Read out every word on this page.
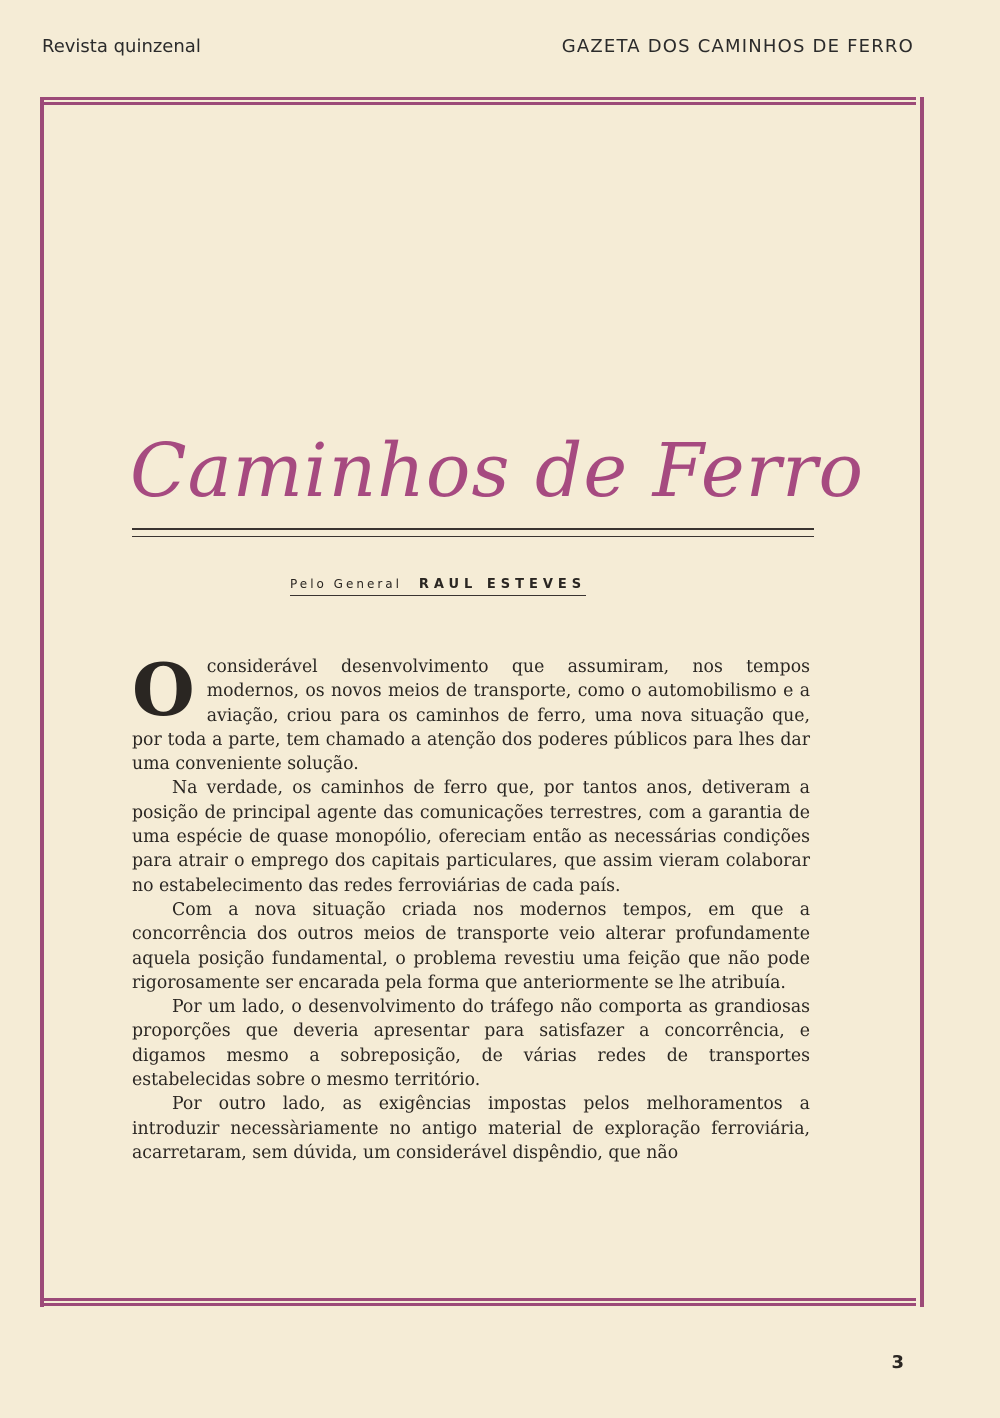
Revista quinzenal	GAZETA DOS CAMINHOS DE FERRO
Caminhos de Ferro
Pelo General RAUL ESTEVES

Oconsiderável desenvolvimento que assumiram, nos tempos modernos, os novos meios de transporte, como o automobilismo e a aviação, criou para os caminhos de ferro, uma nova situação que, por toda a parte, tem chamado a atenção dos poderes públicos para lhes dar uma conveniente solução.

Na verdade, os caminhos de ferro que, por tantos anos, detiveram a posição de principal agente das comunicações terrestres, com a garantia de uma espécie de quase monopólio, ofereciam então as necessárias condições para atrair o emprego dos capitais particulares, que assim vieram colaborar no estabelecimento das redes ferroviárias de cada país.

Com a nova situação criada nos modernos tempos, em que a concorrência dos outros meios de transporte veio alterar profundamente aquela posição fundamental, o problema revestiu uma feição que não pode rigorosamente ser encarada pela forma que anteriormente se lhe atribuía.

Por um lado, o desenvolvimento do tráfego não comporta as grandiosas proporções que deveria apresentar para satisfazer a concorrência, e digamos mesmo a sobreposição, de várias redes de transportes estabelecidas sobre o mesmo território.

Por outro lado, as exigências impostas pelos melhoramentos a introduzir necessàriamente no antigo material de exploração ferroviária, acarretaram, sem dúvida, um considerável dispêndio, que não

3
